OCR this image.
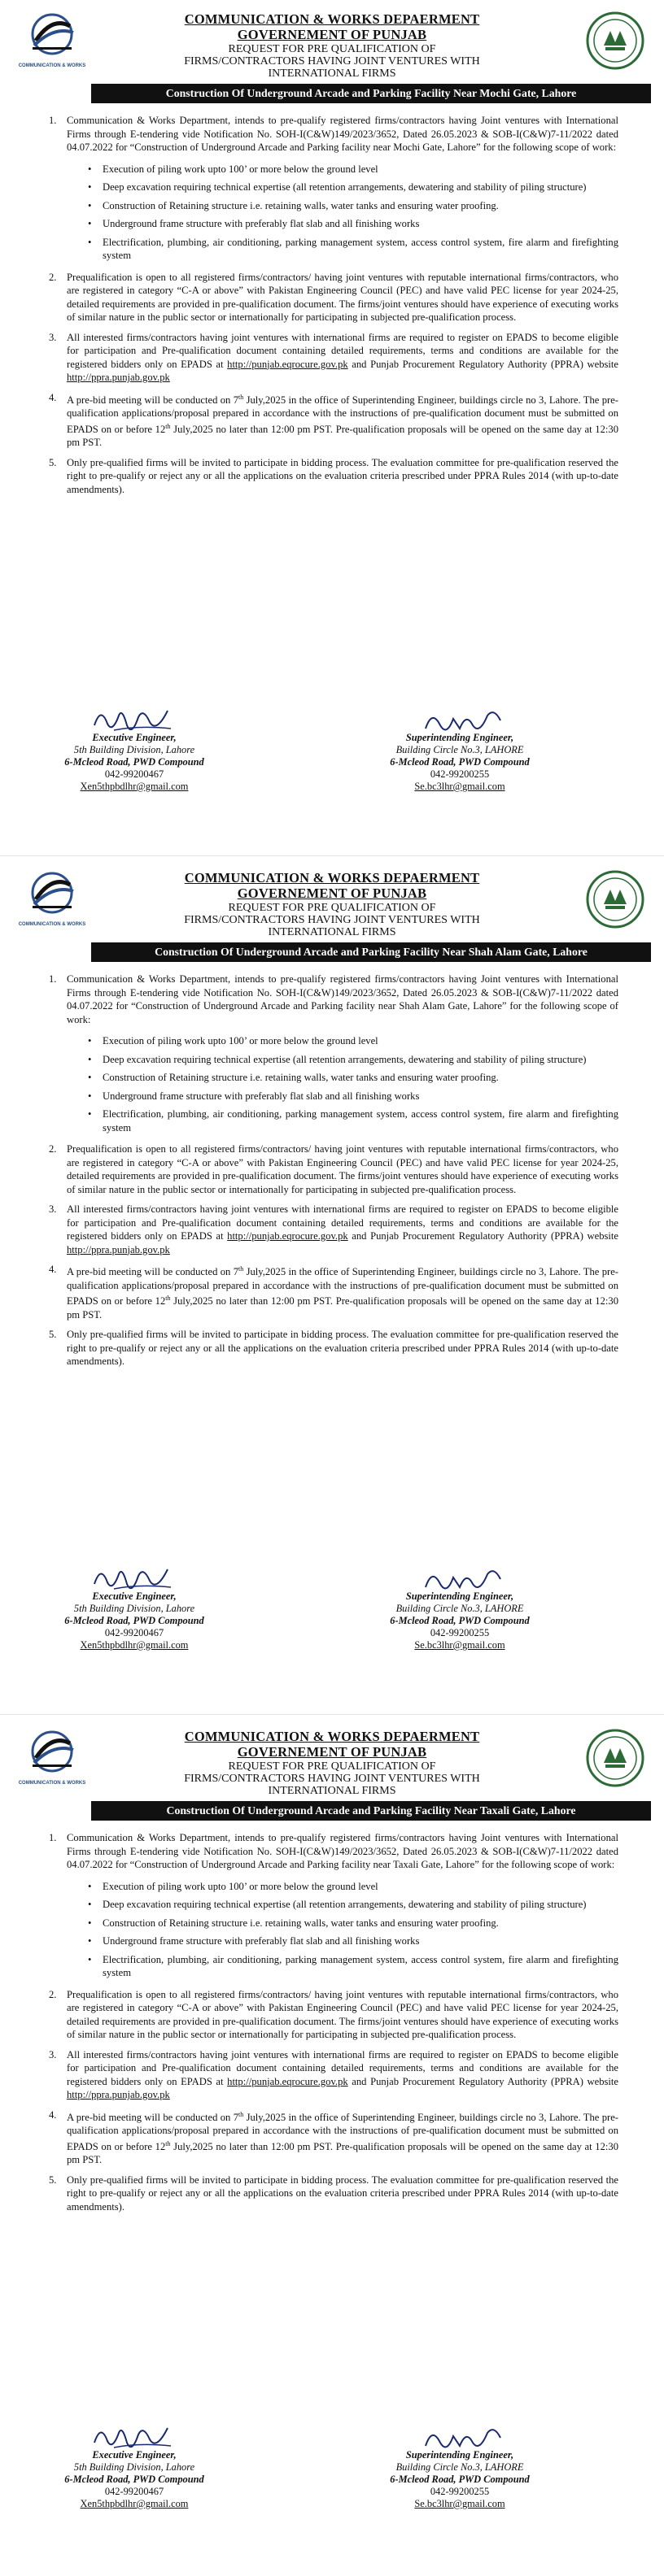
COMMUNICATION & WORKS
COMMUNICATION & WORKS DEPAERMENT
GOVERNEMENT OF PUNJAB
REQUEST FOR PRE QUALIFICATION OF
FIRMS/CONTRACTORS HAVING JOINT VENTURES WITH
INTERNATIONAL FIRMS
Construction Of Underground Arcade and Parking Facility Near Mochi Gate, Lahore
1. Communication & Works Department, intends to pre-qualify registered firms/contractors having Joint ventures with International Firms through E-tendering vide Notification No. SOH-I(C&W)149/2023/3652, Dated 26.05.2023 & SOB-I(C&W)7-11/2022 dated 04.07.2022 for “Construction of Underground Arcade and Parking facility near Mochi Gate, Lahore” for the following scope of work:
• Execution of piling work upto 100’ or more below the ground level
• Deep excavation requiring technical expertise (all retention arrangements, dewatering and stability of piling structure)
• Construction of Retaining structure i.e. retaining walls, water tanks and ensuring water proofing.
• Underground frame structure with preferably flat slab and all finishing works
• Electrification, plumbing, air conditioning, parking management system, access control system, fire alarm and firefighting system
2. Prequalification is open to all registered firms/contractors/ having joint ventures with reputable international firms/contractors, who are registered in category “C-A or above” with Pakistan Engineering Council (PEC) and have valid PEC license for year 2024-25, detailed requirements are provided in pre-qualification document. The firms/joint ventures should have experience of executing works of similar nature in the public sector or internationally for participating in subjected pre-qualification process.
3. All interested firms/contractors having joint ventures with international firms are required to register on EPADS to become eligible for participation and Pre-qualification document containing detailed requirements, terms and conditions are available for the registered bidders only on EPADS at http://punjab.eqrocure.gov.pk and Punjab Procurement Regulatory Authority (PPRA) website http://ppra.punjab.gov.pk
4. A pre-bid meeting will be conducted on 7th July,2025 in the office of Superintending Engineer, buildings circle no 3, Lahore. The pre-qualification applications/proposal prepared in accordance with the instructions of pre-qualification document must be submitted on EPADS on or before 12th July,2025 no later than 12:00 pm PST. Pre-qualification proposals will be opened on the same day at 12:30 pm PST.
5. Only pre-qualified firms will be invited to participate in bidding process. The evaluation committee for pre-qualification reserved the right to pre-qualify or reject any or all the applications on the evaluation criteria prescribed under PPRA Rules 2014 (with up-to-date amendments).
Executive Engineer,
5th Building Division, Lahore
6-Mcleod Road, PWD Compound
042-99200467
Xen5thpbdlhr@gmail.com
Superintending Engineer,
Building Circle No.3, LAHORE
6-Mcleod Road, PWD Compound
042-99200255
Se.bc3lhr@gmail.com
COMMUNICATION & WORKS
COMMUNICATION & WORKS DEPAERMENT
GOVERNEMENT OF PUNJAB
REQUEST FOR PRE QUALIFICATION OF
FIRMS/CONTRACTORS HAVING JOINT VENTURES WITH
INTERNATIONAL FIRMS
Construction Of Underground Arcade and Parking Facility Near Shah Alam Gate, Lahore
1. Communication & Works Department, intends to pre-qualify registered firms/contractors having Joint ventures with International Firms through E-tendering vide Notification No. SOH-I(C&W)149/2023/3652, Dated 26.05.2023 & SOB-I(C&W)7-11/2022 dated 04.07.2022 for “Construction of Underground Arcade and Parking facility near Shah Alam Gate, Lahore” for the following scope of work:
• Execution of piling work upto 100’ or more below the ground level
• Deep excavation requiring technical expertise (all retention arrangements, dewatering and stability of piling structure)
• Construction of Retaining structure i.e. retaining walls, water tanks and ensuring water proofing.
• Underground frame structure with preferably flat slab and all finishing works
• Electrification, plumbing, air conditioning, parking management system, access control system, fire alarm and firefighting system
2. Prequalification is open to all registered firms/contractors/ having joint ventures with reputable international firms/contractors, who are registered in category “C-A or above” with Pakistan Engineering Council (PEC) and have valid PEC license for year 2024-25, detailed requirements are provided in pre-qualification document. The firms/joint ventures should have experience of executing works of similar nature in the public sector or internationally for participating in subjected pre-qualification process.
3. All interested firms/contractors having joint ventures with international firms are required to register on EPADS to become eligible for participation and Pre-qualification document containing detailed requirements, terms and conditions are available for the registered bidders only on EPADS at http://punjab.eqrocure.gov.pk and Punjab Procurement Regulatory Authority (PPRA) website http://ppra.punjab.gov.pk
4. A pre-bid meeting will be conducted on 7th July,2025 in the office of Superintending Engineer, buildings circle no 3, Lahore. The pre-qualification applications/proposal prepared in accordance with the instructions of pre-qualification document must be submitted on EPADS on or before 12th July,2025 no later than 12:00 pm PST. Pre-qualification proposals will be opened on the same day at 12:30 pm PST.
5. Only pre-qualified firms will be invited to participate in bidding process. The evaluation committee for pre-qualification reserved the right to pre-qualify or reject any or all the applications on the evaluation criteria prescribed under PPRA Rules 2014 (with up-to-date amendments).
Executive Engineer,
5th Building Division, Lahore
6-Mcleod Road, PWD Compound
042-99200467
Xen5thpbdlhr@gmail.com
Superintending Engineer,
Building Circle No.3, LAHORE
6-Mcleod Road, PWD Compound
042-99200255
Se.bc3lhr@gmail.com
COMMUNICATION & WORKS
COMMUNICATION & WORKS DEPAERMENT
GOVERNEMENT OF PUNJAB
REQUEST FOR PRE QUALIFICATION OF
FIRMS/CONTRACTORS HAVING JOINT VENTURES WITH
INTERNATIONAL FIRMS
Construction Of Underground Arcade and Parking Facility Near Taxali Gate, Lahore
1. Communication & Works Department, intends to pre-qualify registered firms/contractors having Joint ventures with International Firms through E-tendering vide Notification No. SOH-I(C&W)149/2023/3652, Dated 26.05.2023 & SOB-I(C&W)7-11/2022 dated 04.07.2022 for “Construction of Underground Arcade and Parking facility near Taxali Gate, Lahore” for the following scope of work:
• Execution of piling work upto 100’ or more below the ground level
• Deep excavation requiring technical expertise (all retention arrangements, dewatering and stability of piling structure)
• Construction of Retaining structure i.e. retaining walls, water tanks and ensuring water proofing.
• Underground frame structure with preferably flat slab and all finishing works
• Electrification, plumbing, air conditioning, parking management system, access control system, fire alarm and firefighting system
2. Prequalification is open to all registered firms/contractors/ having joint ventures with reputable international firms/contractors, who are registered in category “C-A or above” with Pakistan Engineering Council (PEC) and have valid PEC license for year 2024-25, detailed requirements are provided in pre-qualification document. The firms/joint ventures should have experience of executing works of similar nature in the public sector or internationally for participating in subjected pre-qualification process.
3. All interested firms/contractors having joint ventures with international firms are required to register on EPADS to become eligible for participation and Pre-qualification document containing detailed requirements, terms and conditions are available for the registered bidders only on EPADS at http://punjab.eqrocure.gov.pk and Punjab Procurement Regulatory Authority (PPRA) website http://ppra.punjab.gov.pk
4. A pre-bid meeting will be conducted on 7th July,2025 in the office of Superintending Engineer, buildings circle no 3, Lahore. The pre-qualification applications/proposal prepared in accordance with the instructions of pre-qualification document must be submitted on EPADS on or before 12th July,2025 no later than 12:00 pm PST. Pre-qualification proposals will be opened on the same day at 12:30 pm PST.
5. Only pre-qualified firms will be invited to participate in bidding process. The evaluation committee for pre-qualification reserved the right to pre-qualify or reject any or all the applications on the evaluation criteria prescribed under PPRA Rules 2014 (with up-to-date amendments).
Executive Engineer,
5th Building Division, Lahore
6-Mcleod Road, PWD Compound
042-99200467
Xen5thpbdlhr@gmail.com
Superintending Engineer,
Building Circle No.3, LAHORE
6-Mcleod Road, PWD Compound
042-99200255
Se.bc3lhr@gmail.com
